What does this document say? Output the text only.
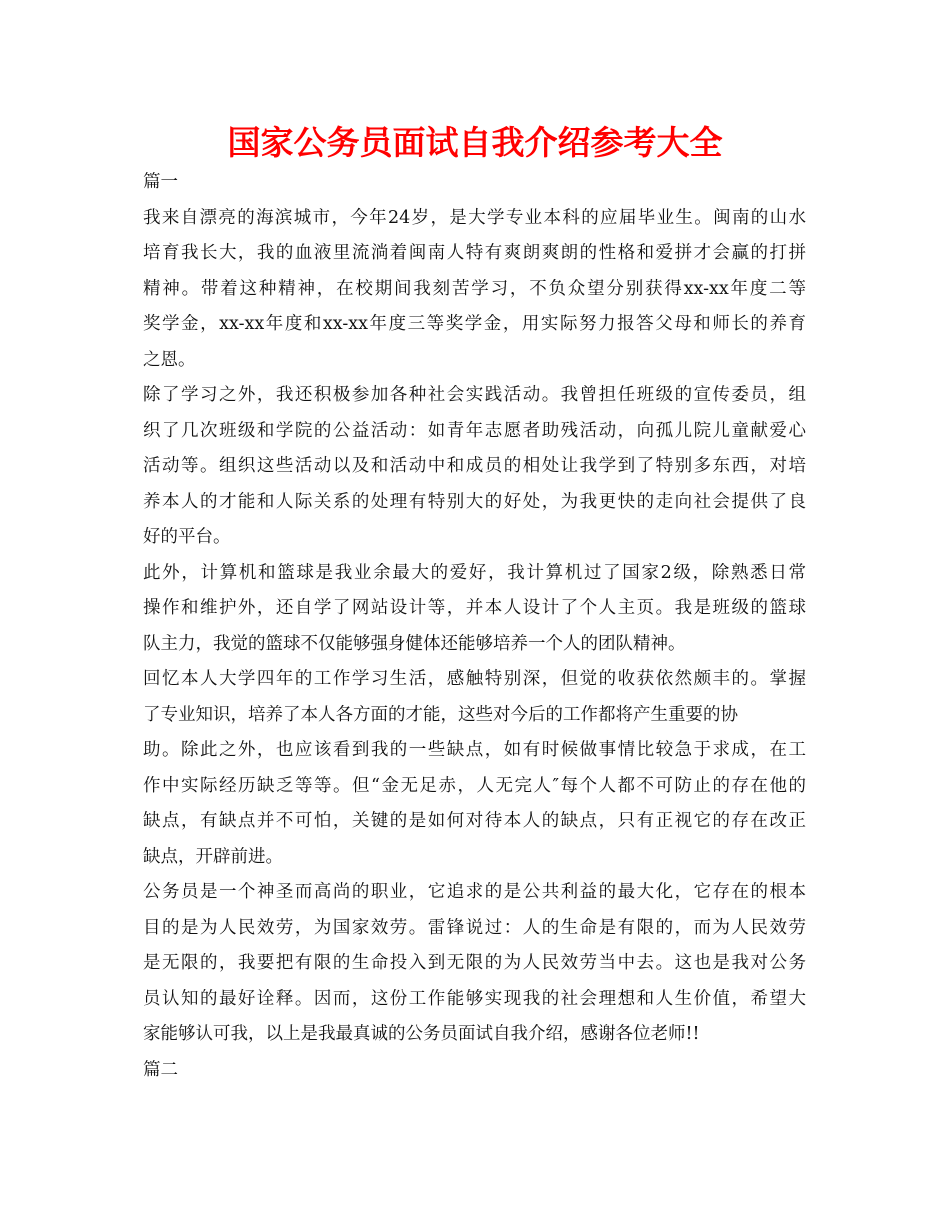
国家公务员面试自我介绍参考大全
篇一
我来自漂亮的海滨城市，今年24岁，是大学专业本科的应届毕业生。闽南的山水
培育我长大，我的血液里流淌着闽南人特有爽朗爽朗的性格和爱拼才会赢的打拼
精神。带着这种精神，在校期间我刻苦学习，不负众望分别获得xx-xx年度二等
奖学金，xx-xx年度和xx-xx年度三等奖学金，用实际努力报答父母和师长的养育
之恩。
除了学习之外，我还积极参加各种社会实践活动。我曾担任班级的宣传委员，组
织了几次班级和学院的公益活动：如青年志愿者助残活动，向孤儿院儿童献爱心
活动等。组织这些活动以及和活动中和成员的相处让我学到了特别多东西，对培
养本人的才能和人际关系的处理有特别大的好处，为我更快的走向社会提供了良
好的平台。
此外，计算机和篮球是我业余最大的爱好，我计算机过了国家2级，除熟悉日常
操作和维护外，还自学了网站设计等，并本人设计了个人主页。我是班级的篮球
队主力，我觉的篮球不仅能够强身健体还能够培养一个人的团队精神。
回忆本人大学四年的工作学习生活，感触特别深，但觉的收获依然颇丰的。掌握
了专业知识，培养了本人各方面的才能，这些对今后的工作都将产生重要的协
助。除此之外，也应该看到我的一些缺点，如有时候做事情比较急于求成，在工
作中实际经历缺乏等等。但“金无足赤，人无完人″每个人都不可防止的存在他的
缺点，有缺点并不可怕，关键的是如何对待本人的缺点，只有正视它的存在改正
缺点，开辟前进。
公务员是一个神圣而高尚的职业，它追求的是公共利益的最大化，它存在的根本
目的是为人民效劳，为国家效劳。雷锋说过：人的生命是有限的，而为人民效劳
是无限的，我要把有限的生命投入到无限的为人民效劳当中去。这也是我对公务
员认知的最好诠释。因而，这份工作能够实现我的社会理想和人生价值，希望大
家能够认可我，以上是我最真诚的公务员面试自我介绍，感谢各位老师!!
篇二
